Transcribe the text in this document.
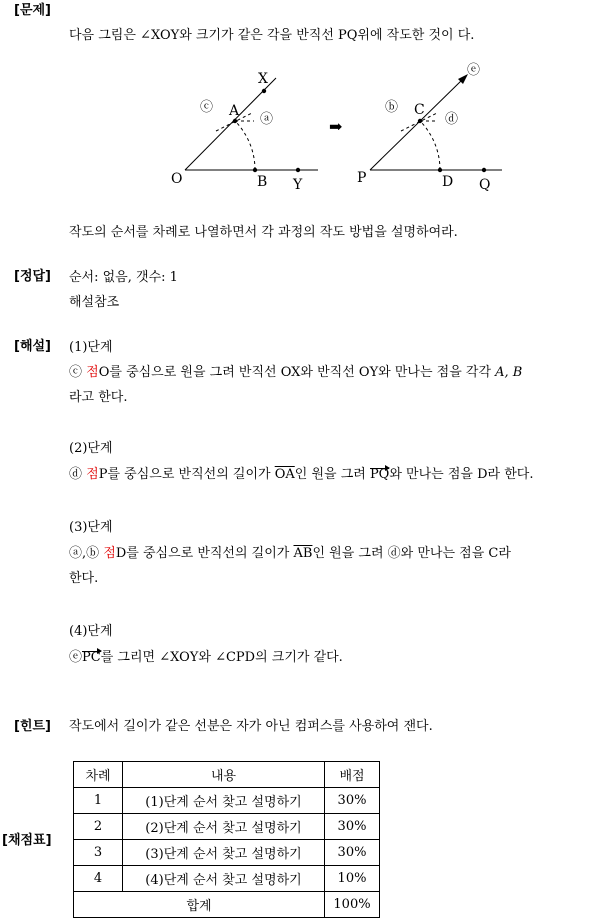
[문제]
다음 그림은 ∠XOY와 크기가 같은 각을 반직선 PQ위에 작도한 것이 다.
O
A
B
X
Y
ⓒ
ⓐ	➡
P
C
D Q
ⓑ
ⓓ
ⓔ
작도의 순서를 차례로 나열하면서 각 과정의 작도 방법을 설명하여라.
[정답] 순서: 없음, 갯수: 1
해설참조
[해설] (1)단계
ⓒ 점O를 중심으로 원을 그려 반직선 OX와 반직선 OY와 만나는 점을 각각 A, B
라고 한다.
(2)단계
ⓓ 점P를 중심으로 반직선의 길이가 $\overline{OA}$인 원을 그려 PQ와 만나는 점을 D라 한다.
(3)단계
ⓐ,ⓑ 점D를 중심으로 반직선의 길이가 $\overline{AB}$인 원을 그려 ⓓ와 만나는 점을 C라
한다.
(4)단계
ⓔPC를 그리면 ∠XOY와 ∠CPD의 크기가 같다.
[힌트] 작도에서 길이가 같은 선분은 자가 아닌 컴퍼스를 사용하여 잰다.
[채점표]
차례	내용	배점
1	(1)단계 순서 찾고 설명하기	30%
2	(2)단계 순서 찾고 설명하기	30%
3	(3)단계 순서 찾고 설명하기	30%
4	(4)단계 순서 찾고 설명하기	10%
합계		100%
